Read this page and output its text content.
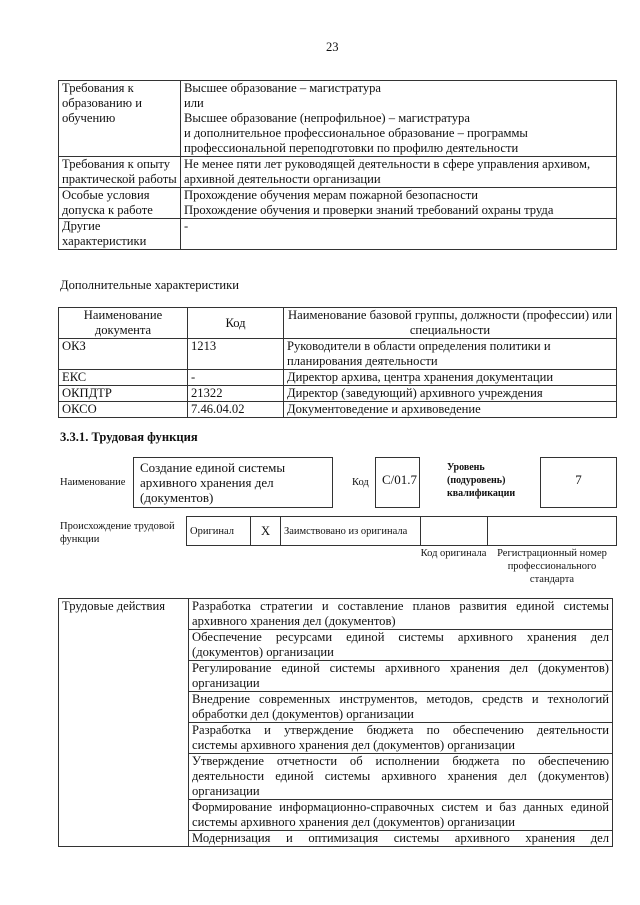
23
Требования к образованию и обучению	Высшее образование – магистратура
или
Высшее образование (непрофильное) – магистратура
и дополнительное профессиональное образование – программы
профессиональной переподготовки по профилю деятельности

Требования к опыту практической работы	Не менее пяти лет руководящей деятельности в сфере управления архивом,
архивной деятельности организации

Особые условия допуска к работе	Прохождение обучения мерам пожарной безопасности
Прохождение обучения и проверки знаний требований охраны труда

Другие характеристики	-
Дополнительные характеристики
Наименование документа	Код	Наименование базовой группы, должности (профессии) или специальности
ОКЗ	1213	Руководители в области определения политики и планирования деятельности
ЕКС	-	Директор архива, центра хранения документации
ОКПДТР	21322	Директор (заведующий) архивного учреждения
ОКСО	7.46.04.02	Документоведение и архивоведение
3.3.1. Трудовая функция
Наименование
Создание единой системы архивного хранения дел (документов)
Код	С/01.7
Уровень (подуровень) квалификации
7
Происхождение трудовой функции
Оригинал	X	Заимствовано из оригинала		
Код оригинала	Регистрационный номер профессионального стандарта
Трудовые действия	Разработка стратегии и составление планов развития единой системы
архивного хранения дел (документов)

Обеспечение ресурсами единой системы архивного хранения дел
(документов) организации

Регулирование единой системы архивного хранения дел (документов)
организации

Внедрение современных инструментов, методов, средств и технологий
обработки дел (документов) организации

Разработка и утверждение бюджета по обеспечению деятельности
системы архивного хранения дел (документов) организации

Утверждение отчетности об исполнении бюджета по обеспечению
деятельности единой системы архивного хранения дел (документов)
организации

Формирование информационно-справочных систем и баз данных единой
системы архивного хранения дел (документов) организации

Модернизация и оптимизация системы архивного хранения дел
